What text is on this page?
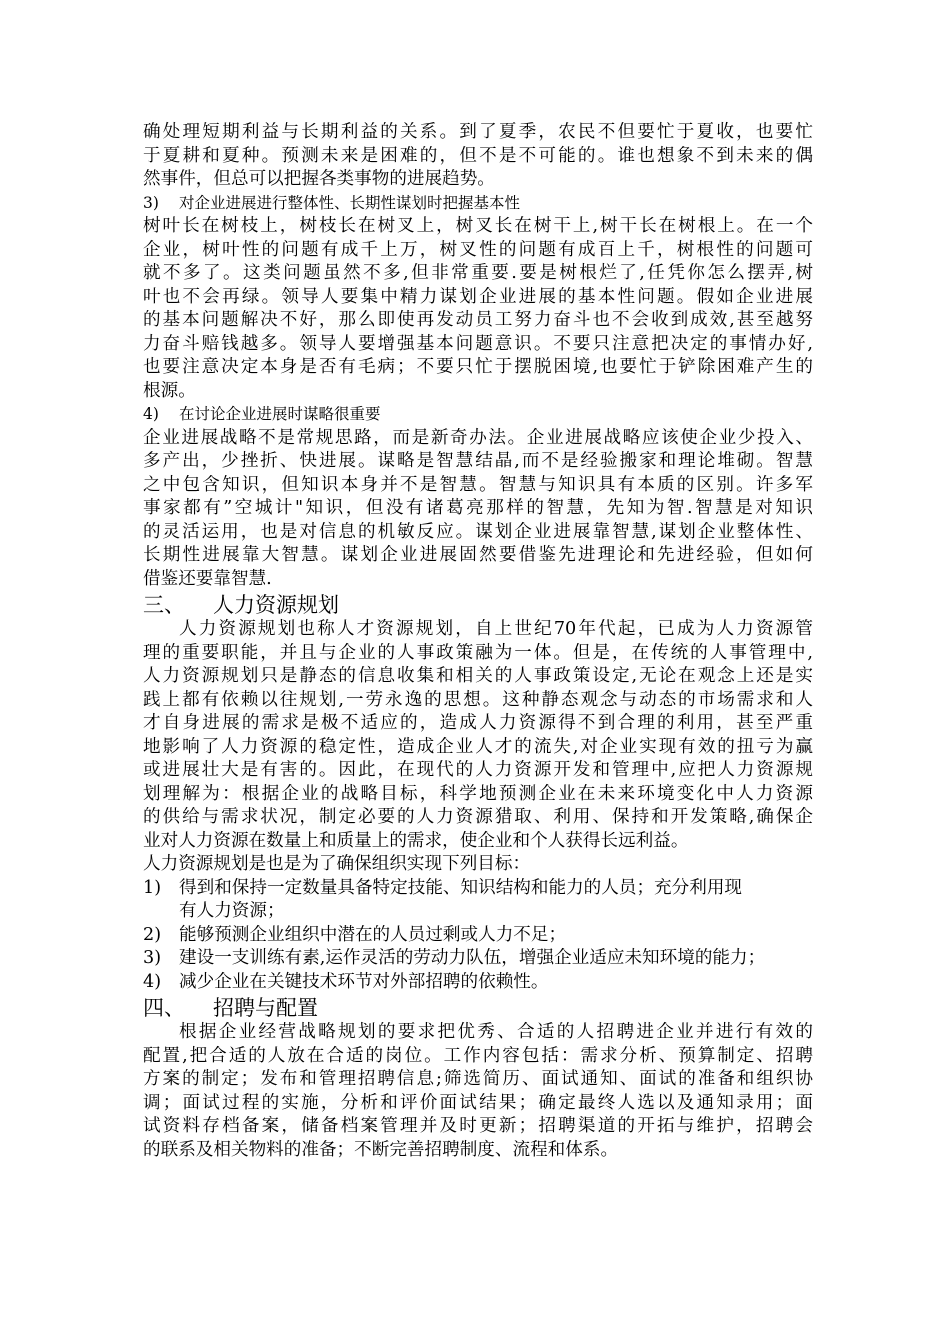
确处理短期利益与长期利益的关系。到了夏季，农民不但要忙于夏收，也要忙
于夏耕和夏种。预测未来是困难的，但不是不可能的。谁也想象不到未来的偶
然事件，但总可以把握各类事物的进展趋势。
3) 对企业进展进行整体性、长期性谋划时把握基本性
树叶长在树枝上，树枝长在树叉上，树叉长在树干上,树干长在树根上。在一个
企业，树叶性的问题有成千上万，树叉性的问题有成百上千，树根性的问题可
就不多了。这类问题虽然不多,但非常重要.要是树根烂了,任凭你怎么摆弄,树
叶也不会再绿。领导人要集中精力谋划企业进展的基本性问题。假如企业进展
的基本问题解决不好，那么即使再发动员工努力奋斗也不会收到成效,甚至越努
力奋斗赔钱越多。领导人要增强基本问题意识。不要只注意把决定的事情办好,
也要注意决定本身是否有毛病；不要只忙于摆脱困境,也要忙于铲除困难产生的
根源。
4) 在讨论企业进展时谋略很重要
企业进展战略不是常规思路，而是新奇办法。企业进展战略应该使企业少投入、
多产出，少挫折、快进展。谋略是智慧结晶,而不是经验搬家和理论堆砌。智慧
之中包含知识，但知识本身并不是智慧。智慧与知识具有本质的区别。许多军
事家都有”空城计"知识，但没有诸葛亮那样的智慧，先知为智.智慧是对知识
的灵活运用，也是对信息的机敏反应。谋划企业进展靠智慧,谋划企业整体性、
长期性进展靠大智慧。谋划企业进展固然要借鉴先进理论和先进经验，但如何
借鉴还要靠智慧.
三、 人力资源规划
人力资源规划也称人才资源规划，自上世纪70年代起，已成为人力资源管
理的重要职能，并且与企业的人事政策融为一体。但是，在传统的人事管理中,
人力资源规划只是静态的信息收集和相关的人事政策设定,无论在观念上还是实
践上都有依赖以往规划,一劳永逸的思想。这种静态观念与动态的市场需求和人
才自身进展的需求是极不适应的，造成人力资源得不到合理的利用，甚至严重
地影响了人力资源的稳定性，造成企业人才的流失,对企业实现有效的扭亏为赢
或进展壮大是有害的。因此，在现代的人力资源开发和管理中,应把人力资源规
划理解为：根据企业的战略目标，科学地预测企业在未来环境变化中人力资源
的供给与需求状况，制定必要的人力资源猎取、利用、保持和开发策略,确保企
业对人力资源在数量上和质量上的需求，使企业和个人获得长远利益。
人力资源规划是也是为了确保组织实现下列目标：
1) 得到和保持一定数量具备特定技能、知识结构和能力的人员；充分利用现
有人力资源；
2) 能够预测企业组织中潜在的人员过剩或人力不足；
3) 建设一支训练有素,运作灵活的劳动力队伍，增强企业适应未知环境的能力；
4) 减少企业在关键技术环节对外部招聘的依赖性。
四、 招聘与配置
根据企业经营战略规划的要求把优秀、合适的人招聘进企业并进行有效的
配置,把合适的人放在合适的岗位。工作内容包括：需求分析、预算制定、招聘
方案的制定；发布和管理招聘信息;筛选简历、面试通知、面试的准备和组织协
调；面试过程的实施，分析和评价面试结果；确定最终人选以及通知录用；面
试资料存档备案，储备档案管理并及时更新；招聘渠道的开拓与维护，招聘会
的联系及相关物料的准备；不断完善招聘制度、流程和体系。
